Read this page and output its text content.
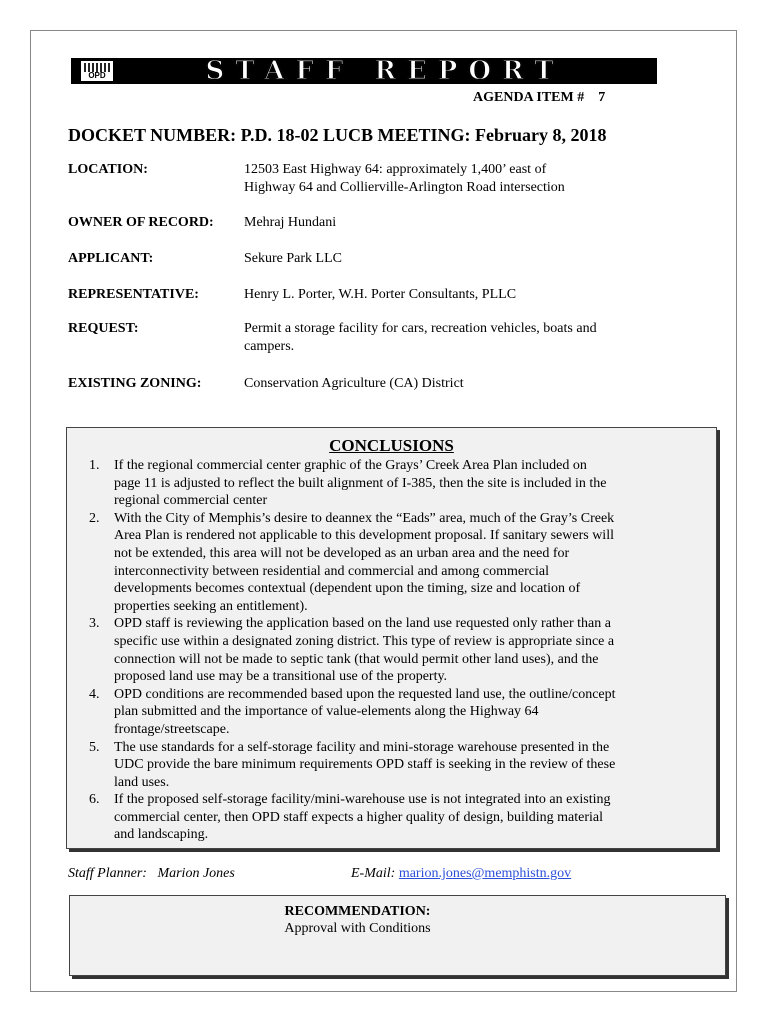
OPD	STAFF REPORT
AGENDA ITEM # 7
DOCKET NUMBER: P.D. 18-02 LUCB MEETING: February 8, 2018
LOCATION:	12503 East Highway 64: approximately 1,400’ east of
Highway 64 and Collierville-Arlington Road intersection
OWNER OF RECORD: Mehraj Hundani
APPLICANT:	Sekure Park LLC
REPRESENTATIVE:	Henry L. Porter, W.H. Porter Consultants, PLLC
REQUEST:	Permit a storage facility for cars, recreation vehicles, boats and
campers.
EXISTING ZONING:	Conservation Agriculture (CA) District
CONCLUSIONS
1. If the regional commercial center graphic of the Grays’ Creek Area Plan included on
page 11 is adjusted to reflect the built alignment of I-385, then the site is included in the
regional commercial center
2. With the City of Memphis’s desire to deannex the “Eads” area, much of the Gray’s Creek
Area Plan is rendered not applicable to this development proposal. If sanitary sewers will
not be extended, this area will not be developed as an urban area and the need for
interconnectivity between residential and commercial and among commercial
developments becomes contextual (dependent upon the timing, size and location of
properties seeking an entitlement).
3. OPD staff is reviewing the application based on the land use requested only rather than a
specific use within a designated zoning district. This type of review is appropriate since a
connection will not be made to septic tank (that would permit other land uses), and the
proposed land use may be a transitional use of the property.
4. OPD conditions are recommended based upon the requested land use, the outline/concept
plan submitted and the importance of value-elements along the Highway 64
frontage/streetscape.
5. The use standards for a self-storage facility and mini-storage warehouse presented in the
UDC provide the bare minimum requirements OPD staff is seeking in the review of these
land uses.
6. If the proposed self-storage facility/mini-warehouse use is not integrated into an existing
commercial center, then OPD staff expects a higher quality of design, building material
and landscaping.
Staff Planner: Marion Jones	E-Mail: marion.jones@memphistn.gov
RECOMMENDATION:
Approval with Conditions
